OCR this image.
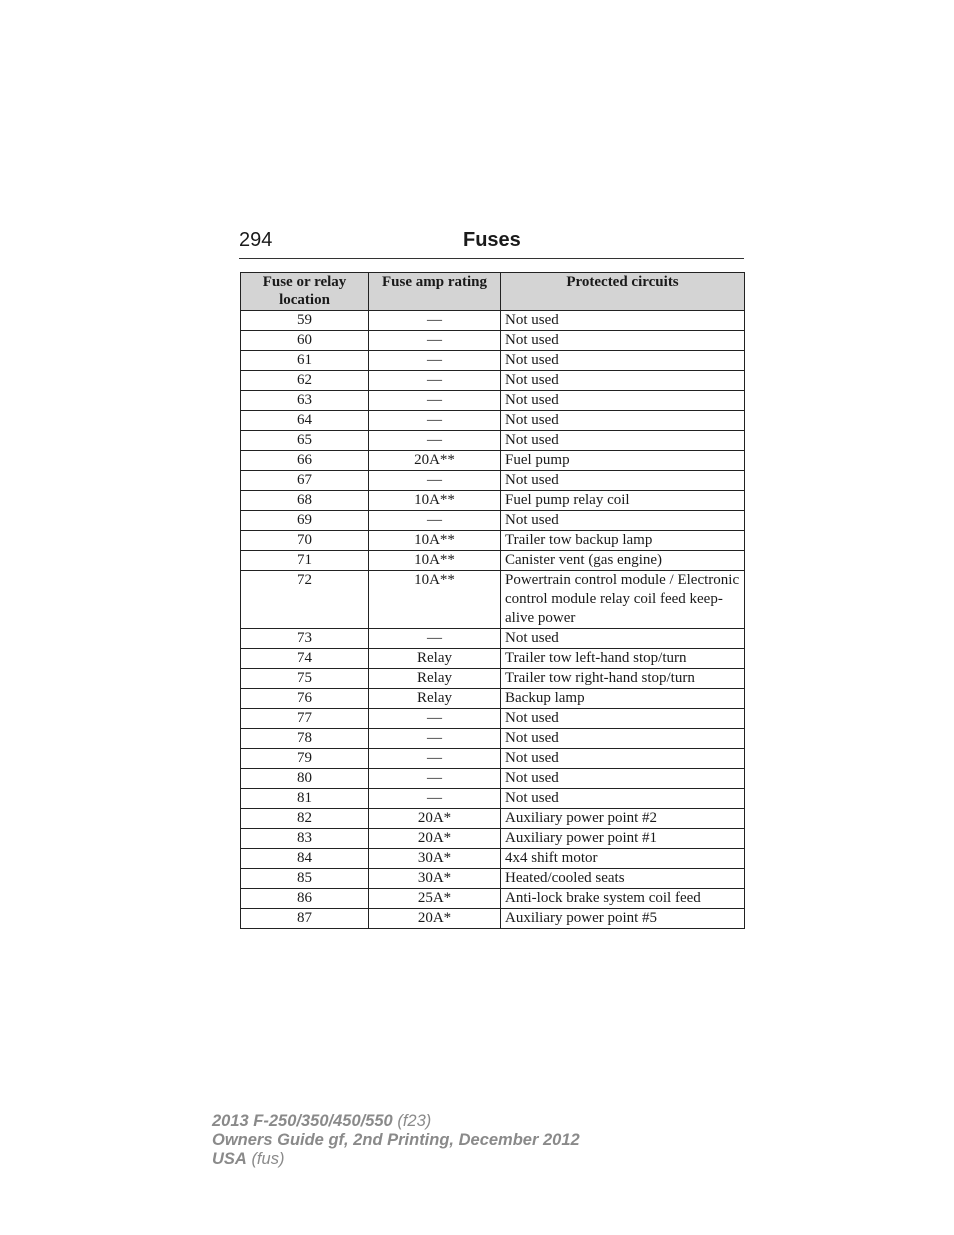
294	Fuses
Fuse or relay location	Fuse amp rating	Protected circuits
59	—	Not used
60	—	Not used
61	—	Not used
62	—	Not used
63	—	Not used
64	—	Not used
65	—	Not used
66	20A**	Fuel pump
67	—	Not used
68	10A**	Fuel pump relay coil
69	—	Not used
70	10A**	Trailer tow backup lamp
71	10A**	Canister vent (gas engine)
72	10A**	Powertrain control module / Electronic control module relay coil feed keep-alive power
73	—	Not used
74	Relay	Trailer tow left-hand stop/turn
75	Relay	Trailer tow right-hand stop/turn
76	Relay	Backup lamp
77	—	Not used
78	—	Not used
79	—	Not used
80	—	Not used
81	—	Not used
82	20A*	Auxiliary power point #2
83	20A*	Auxiliary power point #1
84	30A*	4x4 shift motor
85	30A*	Heated/cooled seats
86	25A*	Anti-lock brake system coil feed
87	20A*	Auxiliary power point #5
2013 F-250/350/450/550 (f23)
Owners Guide gf, 2nd Printing, December 2012
USA (fus)
